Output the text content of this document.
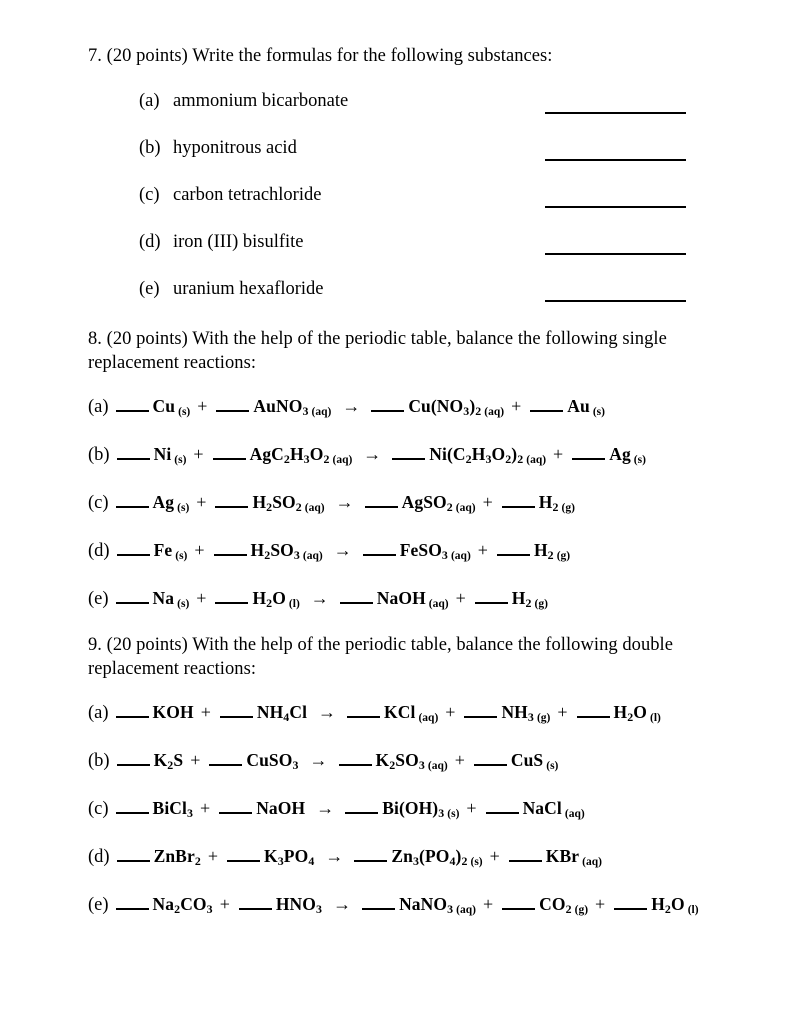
7. (20 points) Write the formulas for the following substances:
(a) ammonium bicarbonate
(b) hyponitrous acid
(c) carbon tetrachloride
(d) iron (III) bisulfite
(e) uranium hexafloride
8. (20 points) With the help of the periodic table, balance the following single replacement reactions:
(a)	Cu (s) +	AuNO$_3$ (aq) →	$Cu(NO_3)_2$ (aq) +	Au (s)
(b)	Ni (s) +	$AgC_2H_3O_2$ (aq) →	$Ni(C_2H_3O_2)_2$ (aq) +	Ag (s)
(c)	Ag (s) +	$H_2SO_2$ (aq) →	AgSO$_2$ (aq) +	$H_2$ (g)
(d)	Fe (s) +	$H_2SO_3$ (aq) →	FeSO$_3$ (aq) +	$H_2$ (g)
(e)	Na (s) +	$H_2O$ (l) →	NaOH (aq) +	$H_2$ (g)
9. (20 points) With the help of the periodic table, balance the following double replacement reactions:
(a)	KOH +	$NH_4Cl$ →	KCl (aq) +	$NH_3$ (g) +	$H_2O$ (l)
(b)	$K_2S$ +	CuSO$_3$ →	$K_2SO_3$ (aq) +	CuS (s)
(c)	BiCl$_3$ +	NaOH →	$Bi(OH)_3$ (s) +	NaCl (aq)
(d)	ZnBr$_2$ +	$K_3PO_4$ →	$Zn_3(PO_4)_2$ (s) +	KBr (aq)
(e)	$Na_2CO_3$ +	$HNO_3$ →	NaNO$_3$ (aq) +	$CO_2$ (g) +	$H_2O$ (l)
